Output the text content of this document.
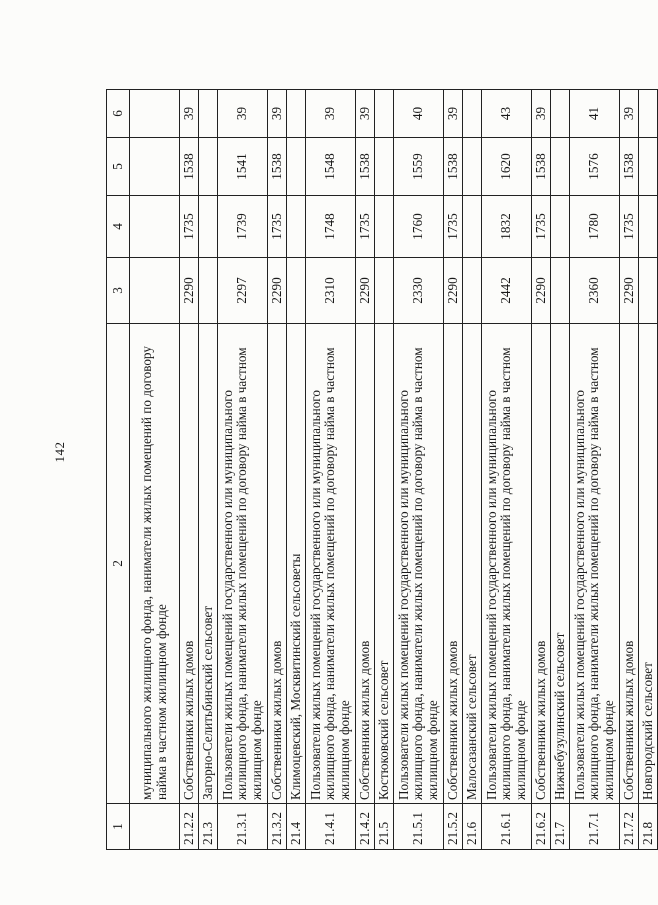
142
1	2	3	4	5	6
	муниципального жилищного фонда, наниматели жилых помещений по договору найма в частном жилищном фонде				
21.2.2	Собственники жилых домов	2290	1735	1538	39
21.3	Загорно-Селитьбинский сельсовет				
21.3.1	Пользователи жилых помещений государственного или муниципального жилищного фонда, наниматели жилых помещений по договору найма в частном жилищном фонде	2297	1739	1541	39
21.3.2	Собственники жилых домов	2290	1735	1538	39
21.4	Климоцевский, Москвитинский сельсоветы				
21.4.1	Пользователи жилых помещений государственного или муниципального жилищного фонда, наниматели жилых помещений по договору найма в частном жилищном фонде	2310	1748	1548	39
21.4.2	Собственники жилых домов	2290	1735	1538	39
21.5	Костюковский сельсовет				
21.5.1	Пользователи жилых помещений государственного или муниципального жилищного фонда, наниматели жилых помещений по договору найма в частном жилищном фонде	2330	1760	1559	40
21.5.2	Собственники жилых домов	2290	1735	1538	39
21.6	Малосазанский сельсовет				
21.6.1	Пользователи жилых помещений государственного или муниципального жилищного фонда, наниматели жилых помещений по договору найма в частном жилищном фонде	2442	1832	1620	43
21.6.2	Собственники жилых домов	2290	1735	1538	39
21.7	Нижнебузулинский сельсовет				
21.7.1	Пользователи жилых помещений государственного или муниципального жилищного фонда, наниматели жилых помещений по договору найма в частном жилищном фонде	2360	1780	1576	41
21.7.2	Собственники жилых домов	2290	1735	1538	39
21.8	Новгородский сельсовет				
